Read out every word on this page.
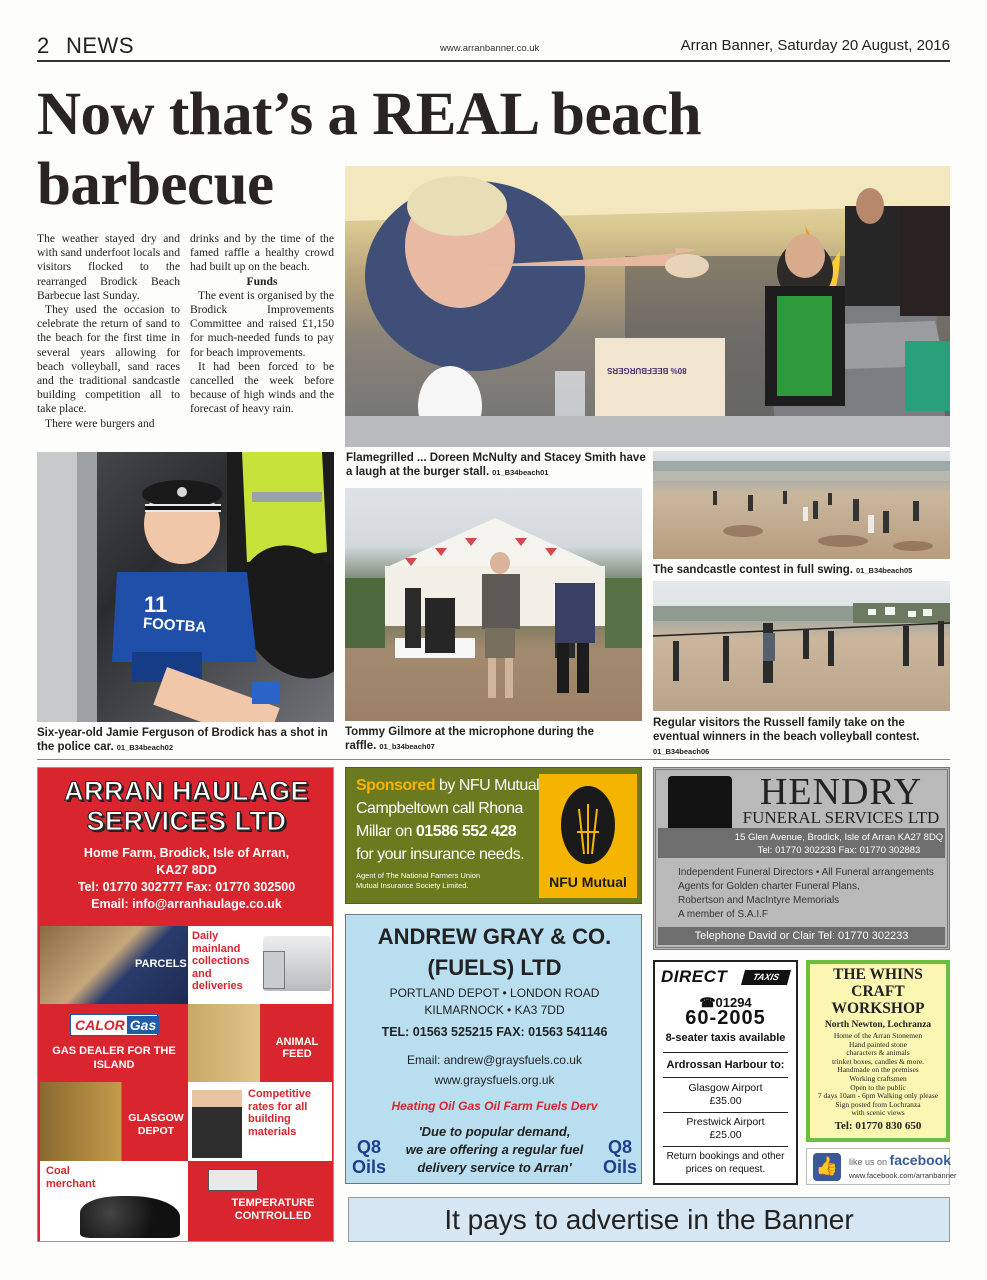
2 NEWS	www.arranbanner.co.uk	Arran Banner, Saturday 20 August, 2016
Now that’s a REAL beach
barbecue

The weather stayed dry and with sand underfoot locals and visitors flocked to the rearranged Brodick Beach Barbecue last Sunday.

They used the occasion to celebrate the return of sand to the beach for the first time in several years allowing for beach volleyball, sand races and the traditional sandcastle building competition all to take place.

There were burgers and

drinks and by the time of the famed raffle a healthy crowd had built up on the beach.

Funds

The event is organised by the Brodick Improvements Committee and raised £1,150 for much-needed funds to pay for beach improvements.

It had been forced to be cancelled the week before because of high winds and the forecast of heavy rain.

80% BEEFBURGERS
Flamegrilled ... Doreen McNulty and Stacey Smith have a laugh at the burger stall. 01_B34beach01
The sandcastle contest in full swing. 01_B34beach05
Regular visitors the Russell family take on the eventual winners in the beach volleyball contest.
01_B34beach06
11
FOOTBA
Six-year-old Jamie Ferguson of Brodick has a shot in the police car. 01_B34beach02
Tommy Gilmore at the microphone during the raffle. 01_b34beach07
ARRAN HAULAGE
SERVICES LTD
Home Farm, Brodick, Isle of Arran,
KA27 8DD
Tel: 01770 302777 Fax: 01770 302500
Email: info@arranhaulage.co.uk
PARCELS
Daily mainland collections and deliveries
CALOR Gas
GAS DEALER FOR THE ISLAND
ANIMAL FEED
GLASGOW DEPOT
Competitive rates for all building materials
Coal merchant
TEMPERATURE CONTROLLED
Sponsored by NFU Mutual
Campbeltown call Rhona
Millar on 01586 552 428
for your insurance needs.
Agent of The National Farmers Union
Mutual Insurance Society Limited.	NFU Mutual
ANDREW GRAY & CO.
(FUELS) LTD
PORTLAND DEPOT • LONDON ROAD
KILMARNOCK • KA3 7DD
TEL: 01563 525215 FAX: 01563 541146
Email: andrew@graysfuels.co.uk
www.graysfuels.org.uk
Heating Oil Gas Oil Farm Fuels Derv
'Due to popular demand,
we are offering a regular fuel
delivery service to Arran'
Q8
Oils
Q8
Oils
HENDRY
FUNERAL SERVICES LTD
15 Glen Avenue, Brodick, Isle of Arran KA27 8DQ
Tel: 01770 302233 Fax: 01770 302883
Independent Funeral Directors • All Funeral arrangements
Agents for Golden charter Funeral Plans,
Robertson and MacIntyre Memorials
A member of S.A.I.F
Telephone David or Clair Tel: 01770 302233
DIRECT	TAXIS
☎01294
60-2005
8-seater taxis available
Ardrossan Harbour to:
Glasgow Airport
£35.00
Prestwick Airport
£25.00
Return bookings and other prices on request.
THE WHINS
CRAFT
WORKSHOP
North Newton, Lochranza
Home of the Arran Stonemen
Hand painted stone
characters & animals
trinket boxes, candles & more.
Handmade on the premises
Working craftsmen
Open to the public
7 days 10am - 6pm Walking only please
Sign posted from Lochranza
with scenic views
Tel: 01770 830 650
👍	like us on facebook
www.facebook.com/arranbanner
It pays to advertise in the Banner
